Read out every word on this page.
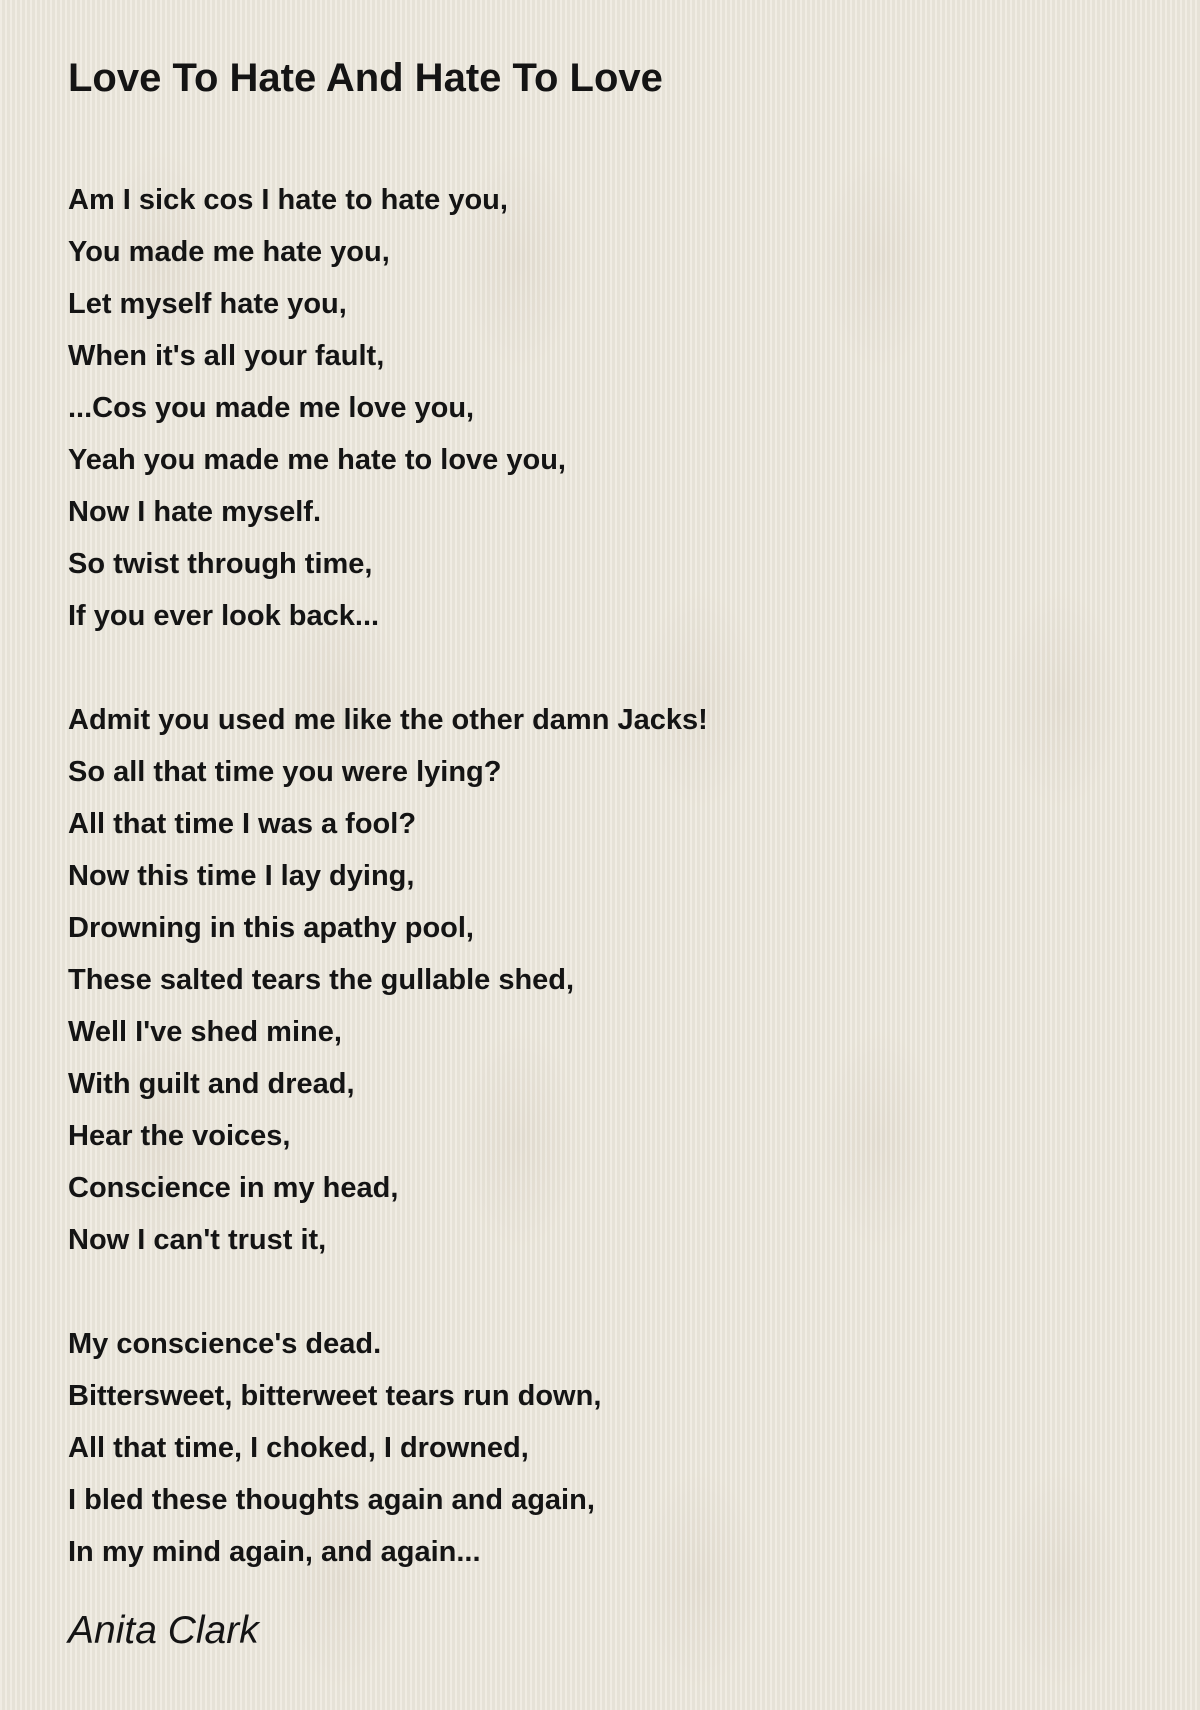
Love To Hate And Hate To Love
Am I sick cos I hate to hate you,
You made me hate you,
Let myself hate you,
When it's all your fault,
...Cos you made me love you,
Yeah you made me hate to love you,
Now I hate myself.
So twist through time,
If you ever look back...
Admit you used me like the other damn Jacks!
So all that time you were lying?
All that time I was a fool?
Now this time I lay dying,
Drowning in this apathy pool,
These salted tears the gullable shed,
Well I've shed mine,
With guilt and dread,
Hear the voices,
Conscience in my head,
Now I can't trust it,
My conscience's dead.
Bittersweet, bitterweet tears run down,
All that time, I choked, I drowned,
I bled these thoughts again and again,
In my mind again, and again...
Anita Clark
